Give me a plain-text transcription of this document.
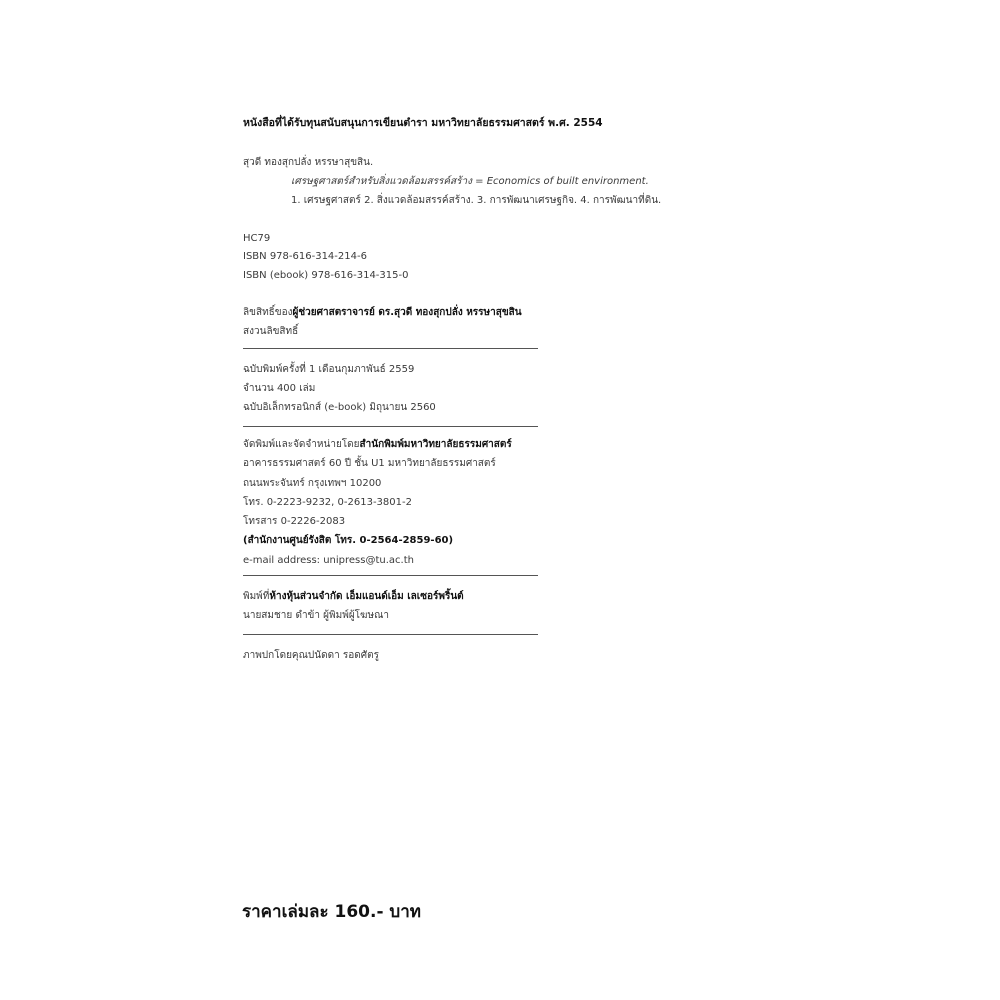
หนังสือที่ได้รับทุนสนับสนุนการเขียนตำรา มหาวิทยาลัยธรรมศาสตร์ พ.ศ. 2554
สุวดี ทองสุกปลั่ง หรรษาสุขสิน.
เศรษฐศาสตร์สำหรับสิ่งแวดล้อมสรรค์สร้าง = Economics of built environment.
1. เศรษฐศาสตร์ 2. สิ่งแวดล้อมสรรค์สร้าง. 3. การพัฒนาเศรษฐกิจ. 4. การพัฒนาที่ดิน.
HC79
ISBN 978-616-314-214-6
ISBN (ebook) 978-616-314-315-0
ลิขสิทธิ์ของผู้ช่วยศาสตราจารย์ ดร.สุวดี ทองสุกปลั่ง หรรษาสุขสิน
สงวนลิขสิทธิ์
ฉบับพิมพ์ครั้งที่ 1 เดือนกุมภาพันธ์ 2559
จำนวน 400 เล่ม
ฉบับอิเล็กทรอนิกส์ (e-book) มิถุนายน 2560
จัดพิมพ์และจัดจำหน่ายโดยสำนักพิมพ์มหาวิทยาลัยธรรมศาสตร์
อาคารธรรมศาสตร์ 60 ปี ชั้น U1 มหาวิทยาลัยธรรมศาสตร์
ถนนพระจันทร์ กรุงเทพฯ 10200
โทร. 0-2223-9232, 0-2613-3801-2
โทรสาร 0-2226-2083
(สำนักงานศูนย์รังสิต โทร. 0-2564-2859-60)
e-mail address: unipress@tu.ac.th
พิมพ์ที่ห้างหุ้นส่วนจำกัด เอ็มแอนด์เอ็ม เลเซอร์พริ้นต์
นายสมชาย ดำข้า ผู้พิมพ์ผู้โฆษณา
ภาพปกโดยคุณปนัดดา รอดศัตรู
ราคาเล่มละ 160.- บาท
